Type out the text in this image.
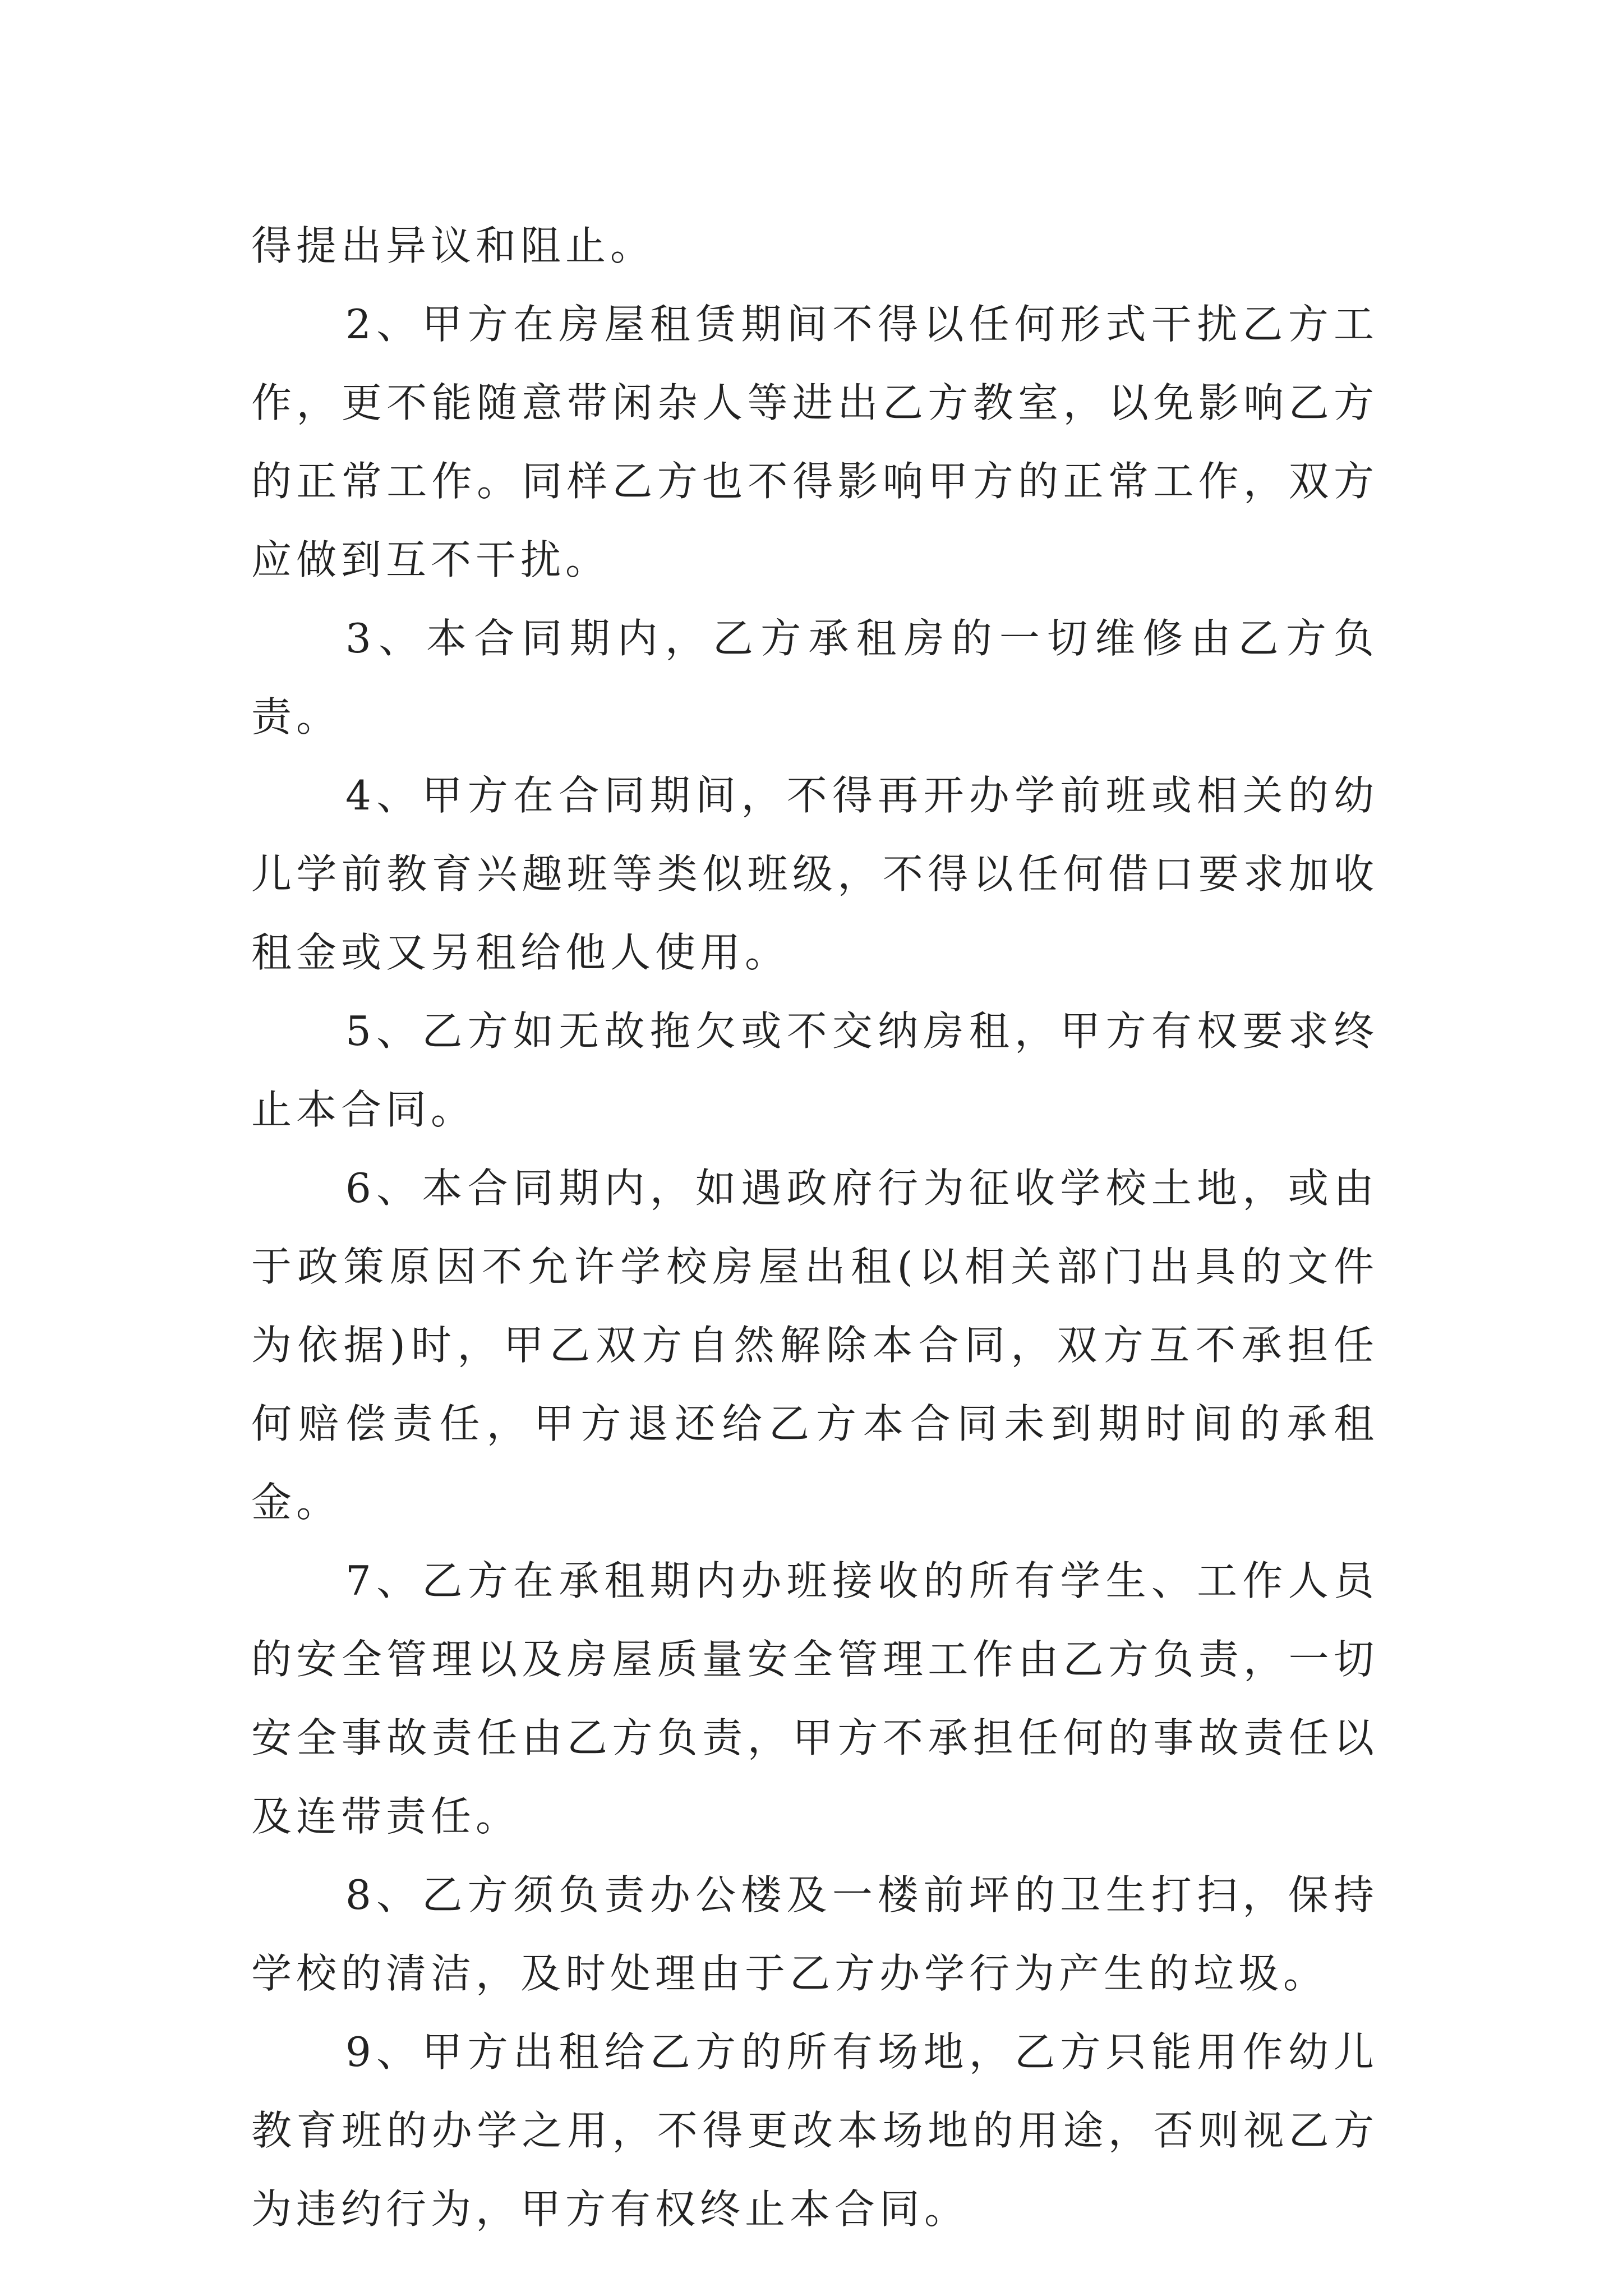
得提出异议和阻止。

2、甲方在房屋租赁期间不得以任何形式干扰乙方工作，更不能随意带闲杂人等进出乙方教室，以免影响乙方的正常工作。同样乙方也不得影响甲方的正常工作，双方应做到互不干扰。

3、本合同期内，乙方承租房的一切维修由乙方负责。

4、甲方在合同期间，不得再开办学前班或相关的幼儿学前教育兴趣班等类似班级，不得以任何借口要求加收租金或又另租给他人使用。

5、乙方如无故拖欠或不交纳房租，甲方有权要求终止本合同。

6、本合同期内，如遇政府行为征收学校土地，或由于政策原因不允许学校房屋出租(以相关部门出具的文件为依据)时，甲乙双方自然解除本合同，双方互不承担任何赔偿责任，甲方退还给乙方本合同未到期时间的承租金。

7、乙方在承租期内办班接收的所有学生、工作人员的安全管理以及房屋质量安全管理工作由乙方负责，一切安全事故责任由乙方负责，甲方不承担任何的事故责任以及连带责任。

8、乙方须负责办公楼及一楼前坪的卫生打扫，保持学校的清洁，及时处理由于乙方办学行为产生的垃圾。

9、甲方出租给乙方的所有场地，乙方只能用作幼儿教育班的办学之用，不得更改本场地的用途，否则视乙方为违约行为，甲方有权终止本合同。
